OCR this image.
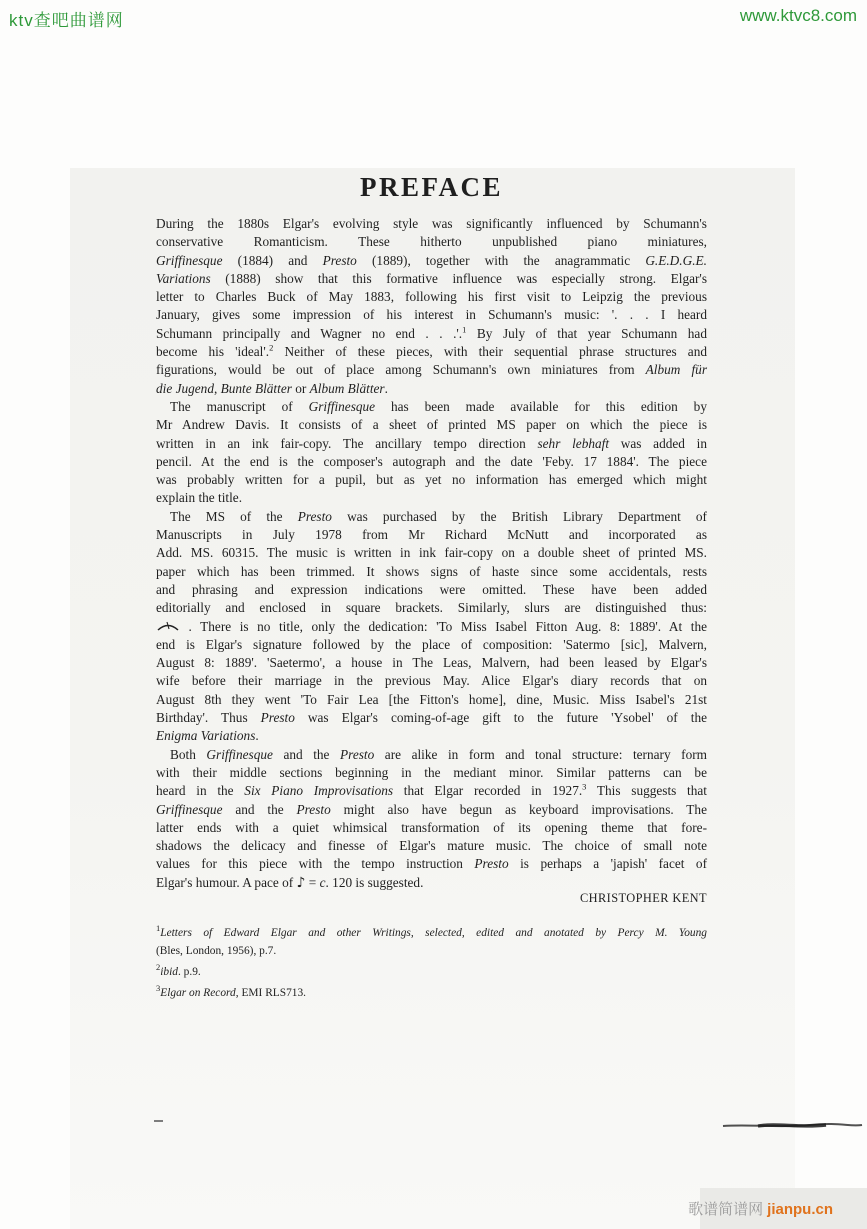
ktv查吧曲谱网	www.ktvc8.com
PREFACE
During the 1880s Elgar's evolving style was significantly influenced by Schumann's
conservative Romanticism. These hitherto unpublished piano miniatures,
Griffinesque (1884) and Presto (1889), together with the anagrammatic G.E.D.G.E.
Variations (1888) show that this formative influence was especially strong. Elgar's
letter to Charles Buck of May 1883, following his first visit to Leipzig the previous
January, gives some impression of his interest in Schumann's music: '. . . I heard
Schumann principally and Wagner no end . . .'.$^1$ By July of that year Schumann had
become his 'ideal'.$^2$ Neither of these pieces, with their sequential phrase structures and
figurations, would be out of place among Schumann's own miniatures from Album für
die Jugend, Bunte Blätter or Album Blätter.
The manuscript of Griffinesque has been made available for this edition by
Mr Andrew Davis. It consists of a sheet of printed MS paper on which the piece is
written in an ink fair-copy. The ancillary tempo direction sehr lebhaft was added in
pencil. At the end is the composer's autograph and the date 'Feby. 17 1884'. The piece
was probably written for a pupil, but as yet no information has emerged which might
explain the title.
The MS of the Presto was purchased by the British Library Department of
Manuscripts in July 1978 from Mr Richard McNutt and incorporated as
Add. MS. 60315. The music is written in ink fair-copy on a double sheet of printed MS.
paper which has been trimmed. It shows signs of haste since some accidentals, rests
and phrasing and expression indications were omitted. These have been added
editorially and enclosed in square brackets. Similarly, slurs are distinguished thus:
. There is no title, only the dedication: 'To Miss Isabel Fitton Aug. 8: 1889'. At the
end is Elgar's signature followed by the place of composition: 'Satermo [sic], Malvern,
August 8: 1889'. 'Saetermo', a house in The Leas, Malvern, had been leased by Elgar's
wife before their marriage in the previous May. Alice Elgar's diary records that on
August 8th they went 'To Fair Lea [the Fitton's home], dine, Music. Miss Isabel's 21st
Birthday'. Thus Presto was Elgar's coming-of-age gift to the future 'Ysobel' of the
Enigma Variations.
Both Griffinesque and the Presto are alike in form and tonal structure: ternary form
with their middle sections beginning in the mediant minor. Similar patterns can be
heard in the Six Piano Improvisations that Elgar recorded in 1927.$^3$ This suggests that
Griffinesque and the Presto might also have begun as keyboard improvisations. The
latter ends with a quiet whimsical transformation of its opening theme that fore-
shadows the delicacy and finesse of Elgar's mature music. The choice of small note
values for this piece with the tempo instruction Presto is perhaps a 'japish' facet of
Elgar's humour. A pace of ♪ = c. 120 is suggested.
CHRISTOPHER KENT
$^1$Letters of Edward Elgar and other Writings, selected, edited and anotated by Percy M. Young
(Bles, London, 1956), p.7.
$^2$ibid. p.9.
$^3$Elgar on Record, EMI RLS713.
歌谱简谱网 jianpu.cn
